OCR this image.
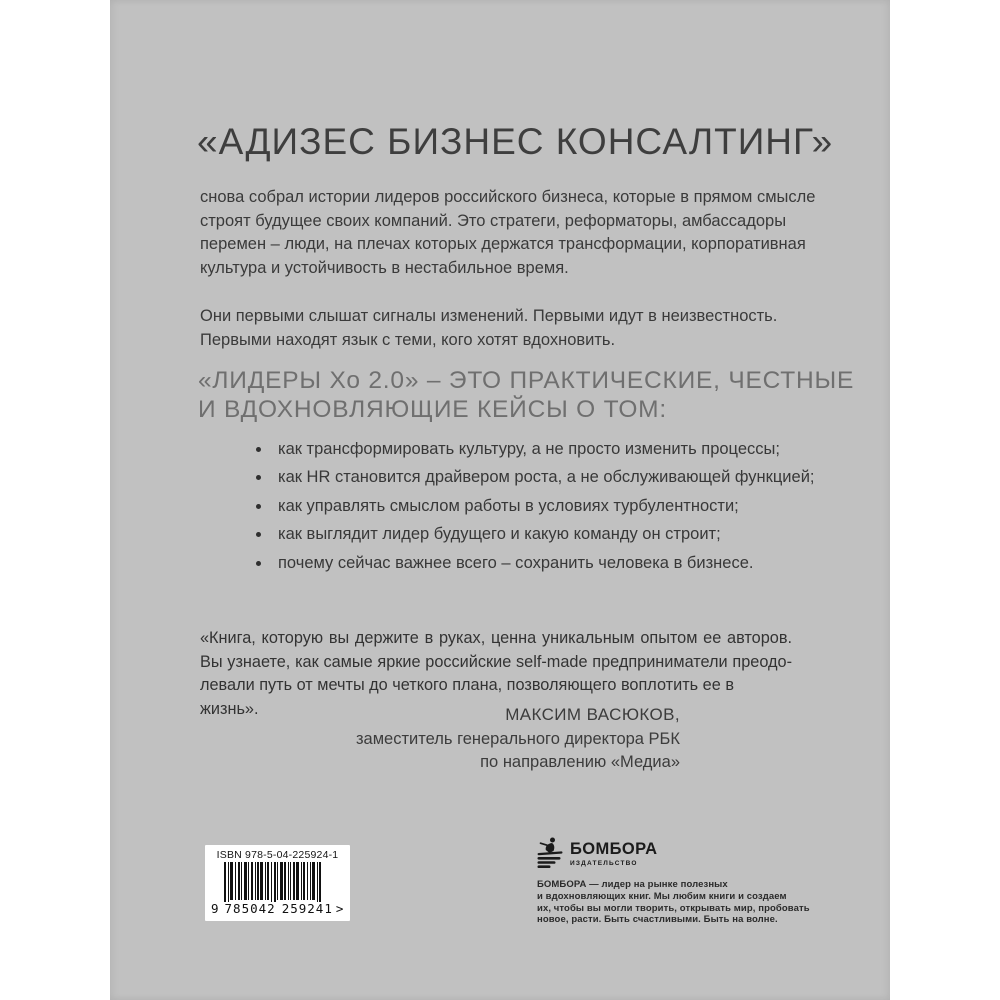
«АДИЗЕС БИЗНЕС КОНСАЛТИНГ»
снова собрал истории лидеров российского бизнеса, которые в прямом смысле
строят будущее своих компаний. Это стратеги, реформаторы, амбассадоры
перемен – люди, на плечах которых держатся трансформации, корпоративная
культура и устойчивость в нестабильное время.
Они первыми слышат сигналы изменений. Первыми идут в неизвестность.
Первыми находят язык с теми, кого хотят вдохновить.
«ЛИДЕРЫ Хо 2.0» – ЭТО ПРАКТИЧЕСКИЕ, ЧЕСТНЫЕ
И ВДОХНОВЛЯЮЩИЕ КЕЙСЫ О ТОМ:
как трансформировать культуру, а не просто изменить процессы;
как HR становится драйвером роста, а не обслуживающей функцией;
как управлять смыслом работы в условиях турбулентности;
как выглядит лидер будущего и какую команду он строит;
почему сейчас важнее всего – сохранить человека в бизнесе.
«Книга, которую вы держите в руках, ценна уникальным опытом ее авторов.
Вы узнаете, как самые яркие российские self-made предприниматели преодо-
левали путь от мечты до четкого плана, позволяющего воплотить ее в жизнь».	МАКСИМ ВАСЮКОВ,
заместитель генерального директора РБК
по направлению «Медиа»
ISBN 978-5-04-225924-1
9 785042 259241 >
БОМБОРА
ИЗДАТЕЛЬСТВО
БОМБОРА — лидер на рынке полезных
и вдохновляющих книг. Мы любим книги и создаем
их, чтобы вы могли творить, открывать мир, пробовать
новое, расти. Быть счастливыми. Быть на волне.
